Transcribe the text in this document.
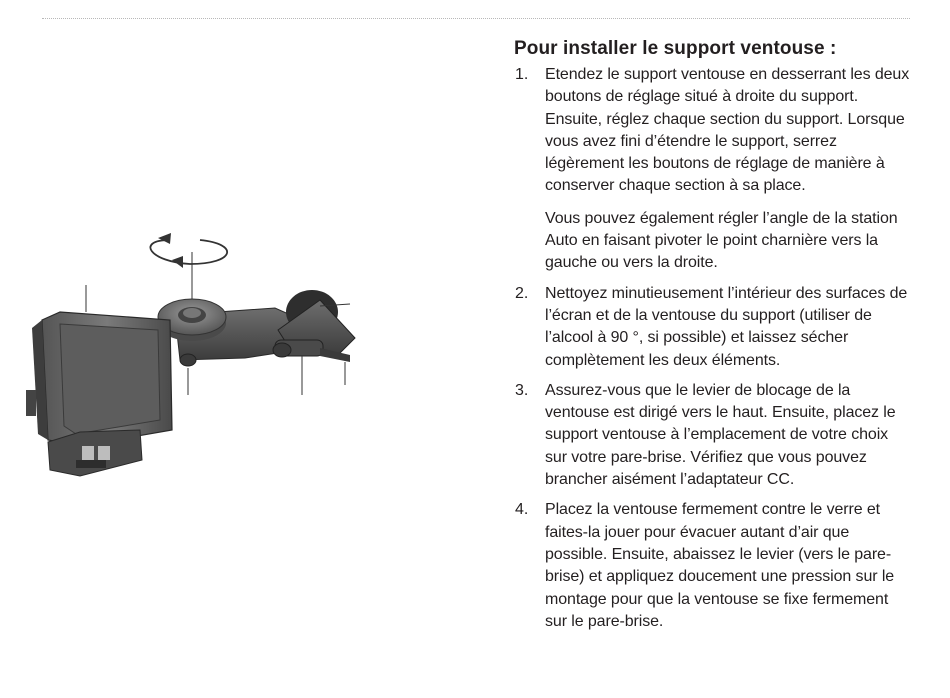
Pour installer le support ventouse :
1. Etendez le support ventouse en desserrant les deux boutons de réglage situé à droite du support. Ensuite, réglez chaque section du support. Lorsque vous avez fini d’étendre le support, serrez légèrement les boutons de réglage de manière à conserver chaque section à sa place.

Vous pouvez également régler l’angle de la station Auto en faisant pivoter le point charnière vers la gauche ou vers la droite.

2. Nettoyez minutieusement l’intérieur des surfaces de l’écran et de la ventouse du support (utiliser de l’alcool à 90 °, si possible) et laissez sécher complètement les deux éléments.

3. Assurez-vous que le levier de blocage de la ventouse est dirigé vers le haut. Ensuite, placez le support ventouse à l’emplacement de votre choix sur votre pare-brise. Vérifiez que vous pouvez brancher aisément l’adaptateur CC.

4. Placez la ventouse fermement contre le verre et faites-la jouer pour évacuer autant d’air que possible. Ensuite, abaissez le levier (vers le pare-brise) et appliquez doucement une pression sur le montage pour que la ventouse se fixe fermement sur le pare-brise.
